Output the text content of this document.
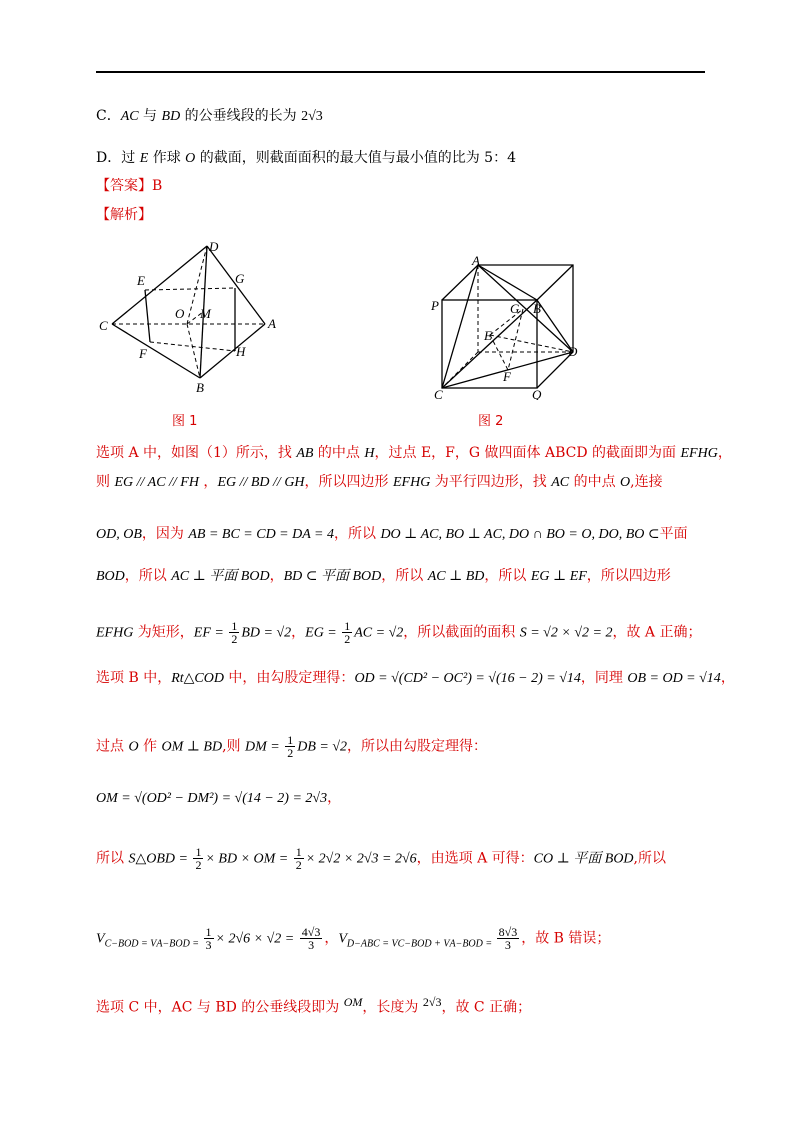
C．AC 与 BD 的公垂线段的长为 2√3
D．过 E 作球 O 的截面，则截面面积的最大值与最小值的比为 5：4
【答案】B
【解析】
D
E	G
C
O M
A
F	H
B
图 1
A
P	G B
E
D
F
C	Q
图 2
选项 A 中，如图（1）所示，找 AB 的中点 H，过点 E，F，G 做四面体 ABCD 的截面即为面 EFHG，
则 EG // AC // FH ，EG // BD // GH，所以四边形 EFHG 为平行四边形，找 AC 的中点 O,连接
OD, OB，因为 AB = BC = CD = DA = 4，所以 DO ⊥ AC, BO ⊥ AC, DO ∩ BO = O, DO, BO ⊂平面
BOD，所以 AC ⊥ 平面 BOD，BD ⊂ 平面 BOD，所以 AC ⊥ BD，所以 EG ⊥ EF，所以四边形
EFHG 为矩形，EF = $\frac{1}{2}$ BD = √2，EG = $\frac{1}{2}$ AC = √2，所以截面的面积 S = √2 × √2 = 2，故 A 正确；
选项 B 中，Rt△COD 中，由勾股定理得：OD = √(CD² − OC²) = √(16 − 2) = √14，同理 OB = OD = √14，
过点 O 作 OM ⊥ BD,则 DM = $\frac{1}{2}$ DB = √2，所以由勾股定理得：
OM = √(OD² − DM²) = √(14 − 2) = 2√3，
所以 S△OBD = $\frac{1}{2}$ × BD × OM = $\frac{1}{2} \times 2√2 \times 2√3 = 2√6$，由选项 A 可得：CO ⊥ 平面 BOD,所以
$V_{C-BOD = VA-BOD =} \frac{1}{3} \times 2√6 \times √2 = \frac{4√3}{3}$ ，$V_{D-ABC = VC-BOD + VA-BOD =} \frac{8√3}{3}$ ，故 B 错误；
选项 C 中，AC 与 BD 的公垂线段即为 OM，长度为 2√3，故 C 正确；
